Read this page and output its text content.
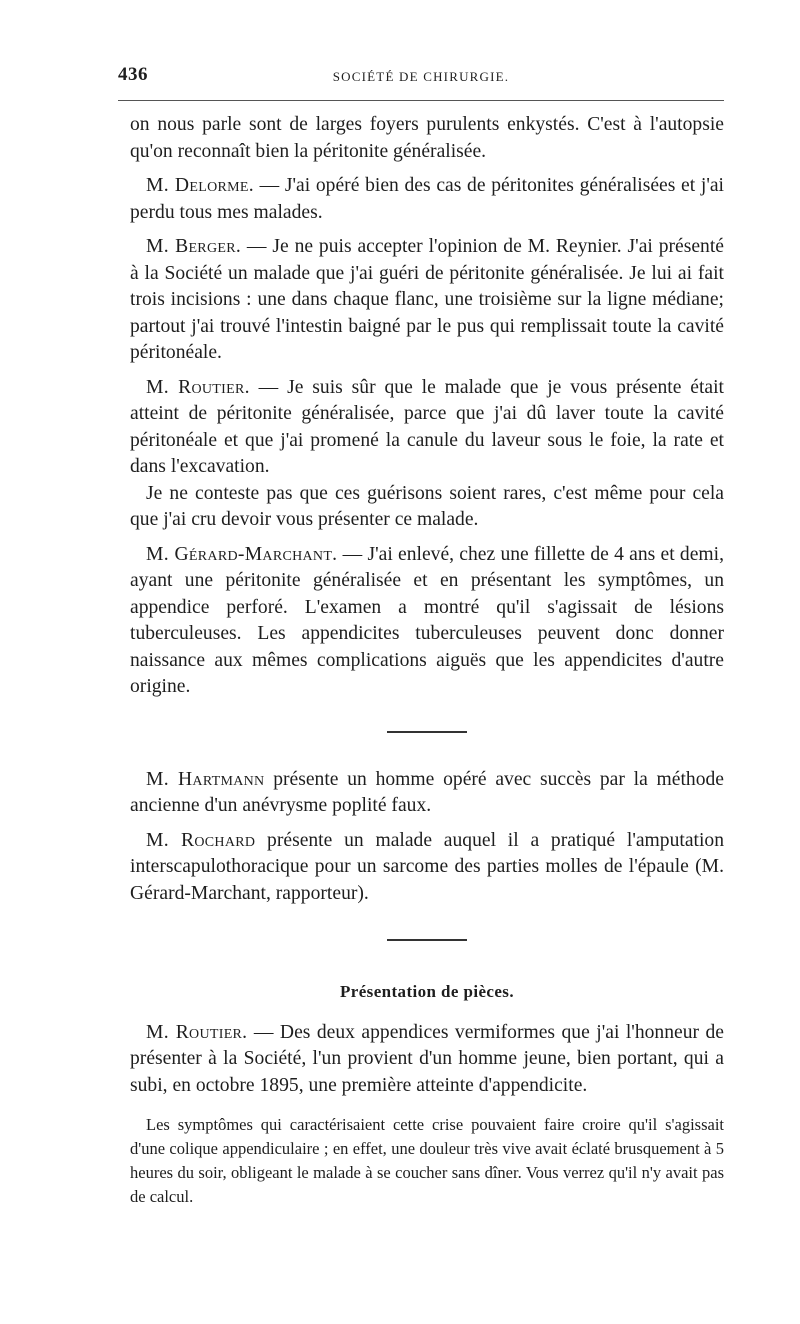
436	SOCIÉTÉ DE CHIRURGIE.

on nous parle sont de larges foyers purulents enkystés. C'est à l'autopsie qu'on reconnaît bien la péritonite généralisée.

M. Delorme. — J'ai opéré bien des cas de péritonites généralisées et j'ai perdu tous mes malades.

M. Berger. — Je ne puis accepter l'opinion de M. Reynier. J'ai présenté à la Société un malade que j'ai guéri de péritonite généralisée. Je lui ai fait trois incisions : une dans chaque flanc, une troisième sur la ligne médiane; partout j'ai trouvé l'intestin baigné par le pus qui remplissait toute la cavité péritonéale.

M. Routier. — Je suis sûr que le malade que je vous présente était atteint de péritonite généralisée, parce que j'ai dû laver toute la cavité péritonéale et que j'ai promené la canule du laveur sous le foie, la rate et dans l'excavation.

Je ne conteste pas que ces guérisons soient rares, c'est même pour cela que j'ai cru devoir vous présenter ce malade.

M. Gérard-Marchant. — J'ai enlevé, chez une fillette de 4 ans et demi, ayant une péritonite généralisée et en présentant les symptômes, un appendice perforé. L'examen a montré qu'il s'agissait de lésions tuberculeuses. Les appendicites tuberculeuses peuvent donc donner naissance aux mêmes complications aiguës que les appendicites d'autre origine.

M. Hartmann présente un homme opéré avec succès par la méthode ancienne d'un anévrysme poplité faux.

M. Rochard présente un malade auquel il a pratiqué l'amputation interscapulothoracique pour un sarcome des parties molles de l'épaule (M. Gérard-Marchant, rapporteur).

Présentation de pièces.

M. Routier. — Des deux appendices vermiformes que j'ai l'honneur de présenter à la Société, l'un provient d'un homme jeune, bien portant, qui a subi, en octobre 1895, une première atteinte d'appendicite.

Les symptômes qui caractérisaient cette crise pouvaient faire croire qu'il s'agissait d'une colique appendiculaire ; en effet, une douleur très vive avait éclaté brusquement à 5 heures du soir, obligeant le malade à se coucher sans dîner. Vous verrez qu'il n'y avait pas de calcul.
